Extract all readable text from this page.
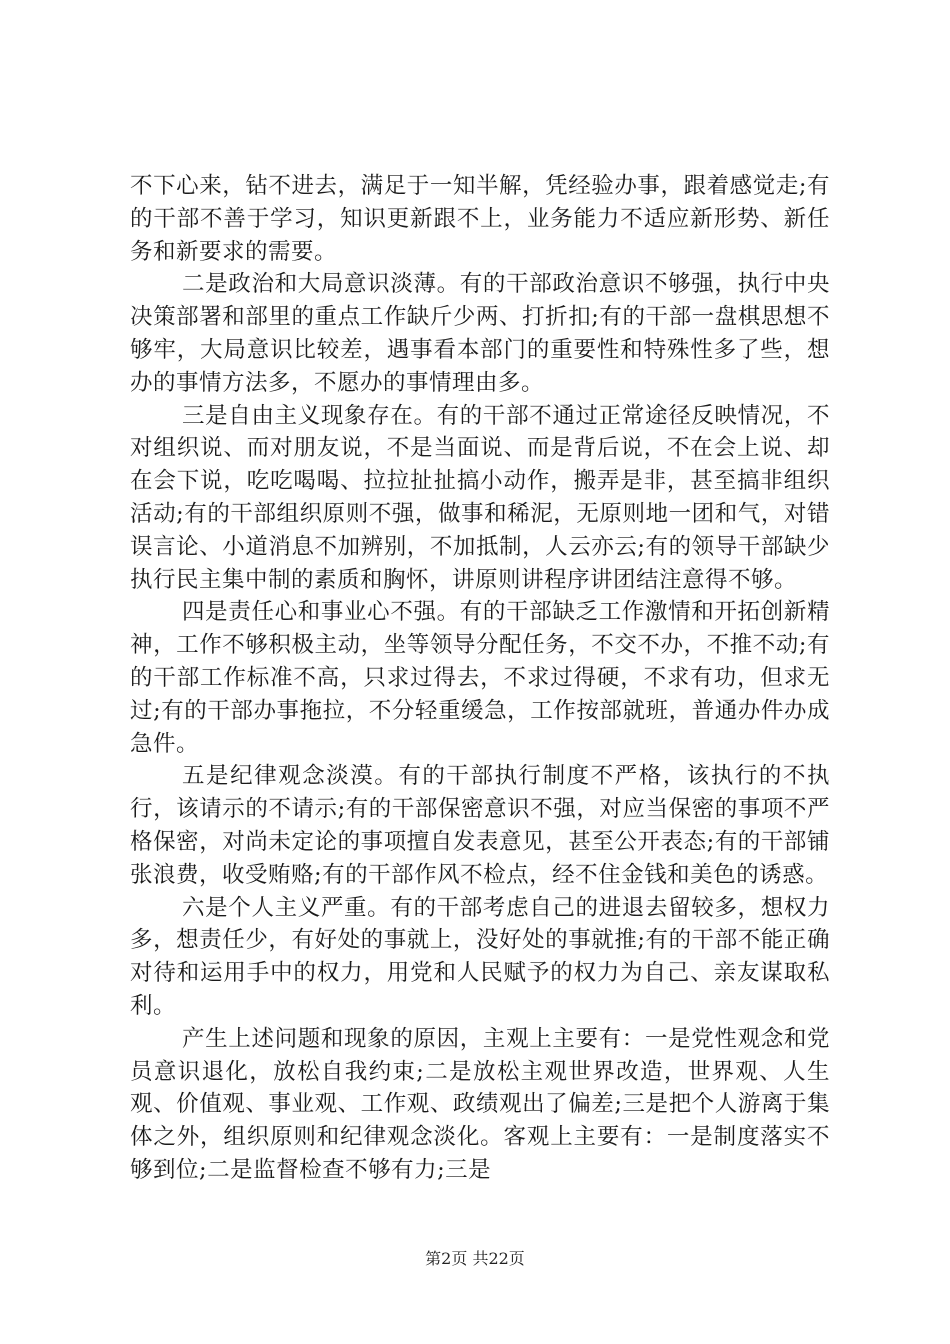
不下心来，钻不进去，满足于一知半解，凭经验办事，跟着感觉走;有的干部不善于学习，知识更新跟不上，业务能力不适应新形势、新任务和新要求的需要。

二是政治和大局意识淡薄。有的干部政治意识不够强，执行中央决策部署和部里的重点工作缺斤少两、打折扣;有的干部一盘棋思想不够牢，大局意识比较差，遇事看本部门的重要性和特殊性多了些，想办的事情方法多，不愿办的事情理由多。

三是自由主义现象存在。有的干部不通过正常途径反映情况，不对组织说、而对朋友说，不是当面说、而是背后说，不在会上说、却在会下说，吃吃喝喝、拉拉扯扯搞小动作，搬弄是非，甚至搞非组织活动;有的干部组织原则不强，做事和稀泥，无原则地一团和气，对错误言论、小道消息不加辨别，不加抵制，人云亦云;有的领导干部缺少执行民主集中制的素质和胸怀，讲原则讲程序讲团结注意得不够。

四是责任心和事业心不强。有的干部缺乏工作激情和开拓创新精神，工作不够积极主动，坐等领导分配任务，不交不办，不推不动;有的干部工作标准不高，只求过得去，不求过得硬，不求有功，但求无过;有的干部办事拖拉，不分轻重缓急，工作按部就班，普通办件办成急件。

五是纪律观念淡漠。有的干部执行制度不严格，该执行的不执行，该请示的不请示;有的干部保密意识不强，对应当保密的事项不严格保密，对尚未定论的事项擅自发表意见，甚至公开表态;有的干部铺张浪费，收受贿赂;有的干部作风不检点，经不住金钱和美色的诱惑。

六是个人主义严重。有的干部考虑自己的进退去留较多，想权力多，想责任少，有好处的事就上，没好处的事就推;有的干部不能正确对待和运用手中的权力，用党和人民赋予的权力为自己、亲友谋取私利。

产生上述问题和现象的原因，主观上主要有：一是党性观念和党员意识退化，放松自我约束;二是放松主观世界改造，世界观、人生观、价值观、事业观、工作观、政绩观出了偏差;三是把个人游离于集体之外，组织原则和纪律观念淡化。客观上主要有：一是制度落实不够到位;二是监督检查不够有力;三是

第2页 共22页
